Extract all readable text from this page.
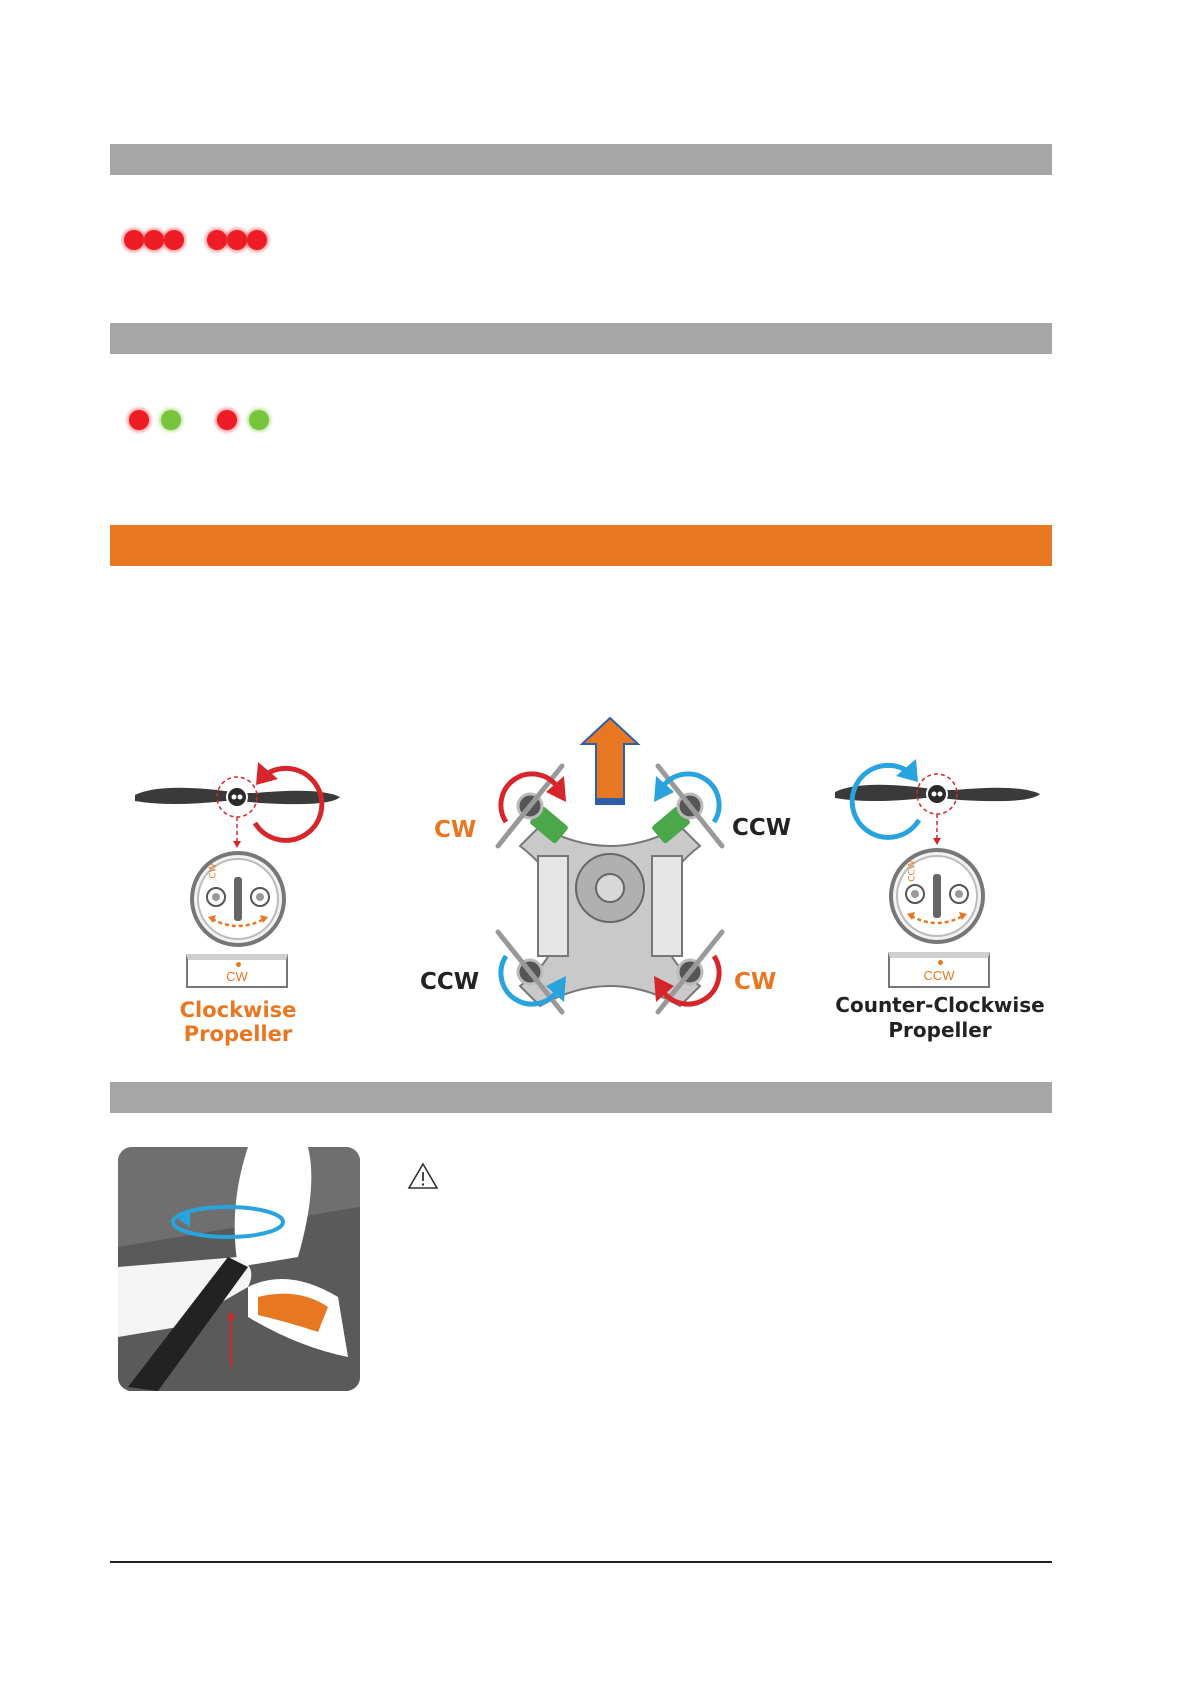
CW
CW
Clockwise
Propeller
CW	CCW
CCW	CW
CCW
CCW
Counter-Clockwise
Propeller
